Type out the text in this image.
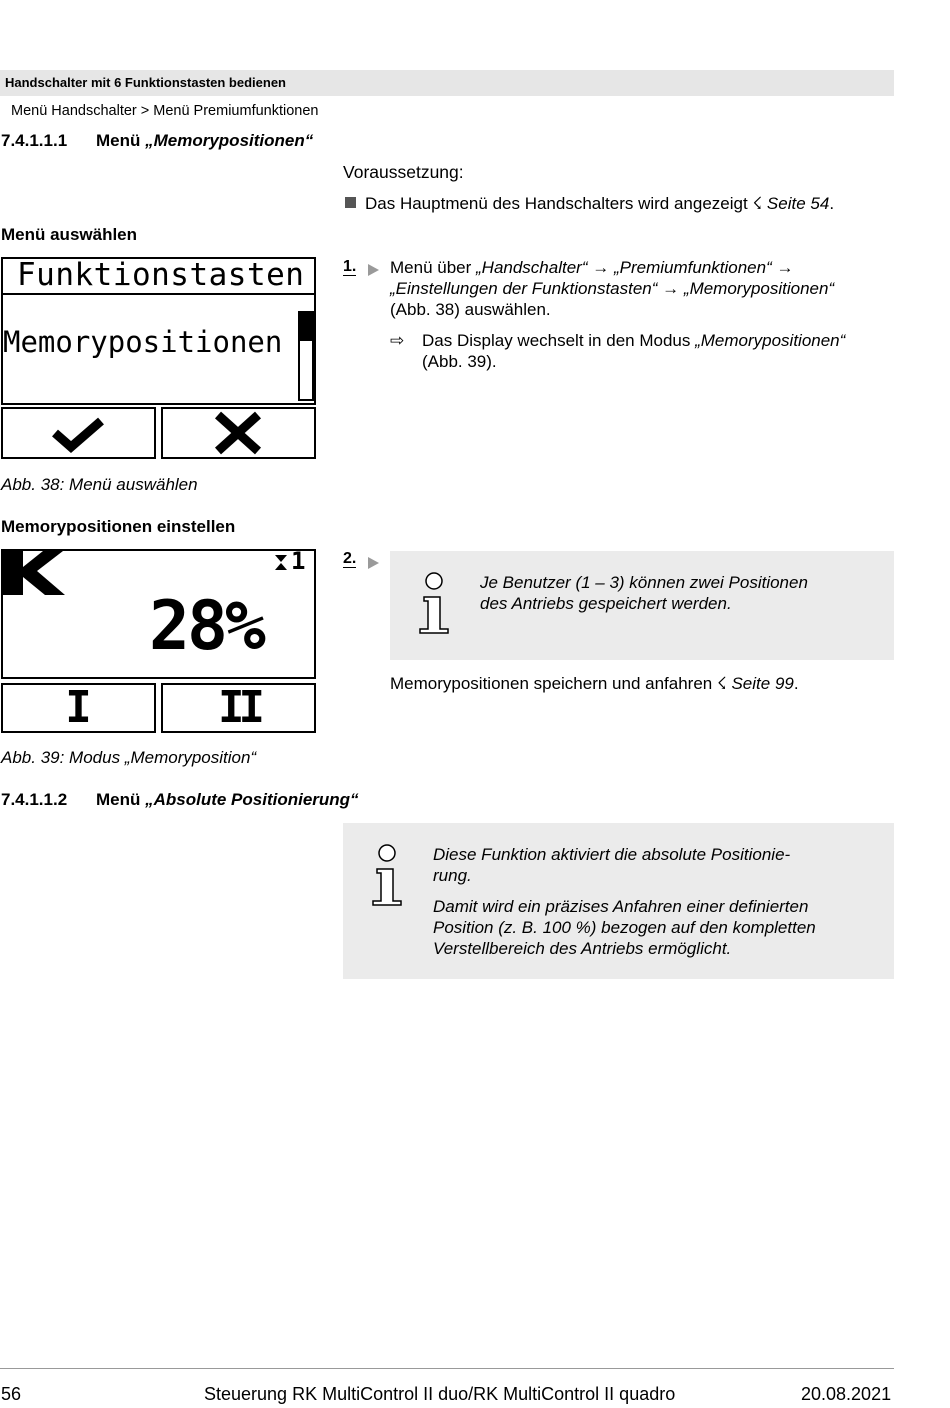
Handschalter mit 6 Funktionstasten bedienen
Menü Handschalter > Menü Premiumfunktionen
7.4.1.1.1 Menü „Memorypositionen“
Voraussetzung:
Das Hauptmenü des Handschalters wird angezeigt ☇ Seite 54.
Menü auswählen
Funktionstasten
Memorypositionen
1. Menü über „Handschalter“ → „Premiumfunktionen“ →
„Einstellungen der Funktionstasten“ → „Memorypositionen“
(Abb. 38) auswählen.
⇨ Das Display wechselt in den Modus „Memorypositionen“
(Abb. 39).
Abb. 38: Menü auswählen
Memorypositionen einstellen
1
28%
I	II
2.
Je Benutzer (1 – 3) können zwei Positionen
des Antriebs gespeichert werden.
Memorypositionen speichern und anfahren ☇ Seite 99.
Abb. 39: Modus „Memoryposition“
7.4.1.1.2 Menü „Absolute Positionierung“
Diese Funktion aktiviert die absolute Positionie-
rung.
Damit wird ein präzises Anfahren einer definierten
Position (z. B. 100 %) bezogen auf den kompletten
Verstellbereich des Antriebs ermöglicht.
56	Steuerung RK MultiControl II duo/RK MultiControl II quadro	20.08.2021
